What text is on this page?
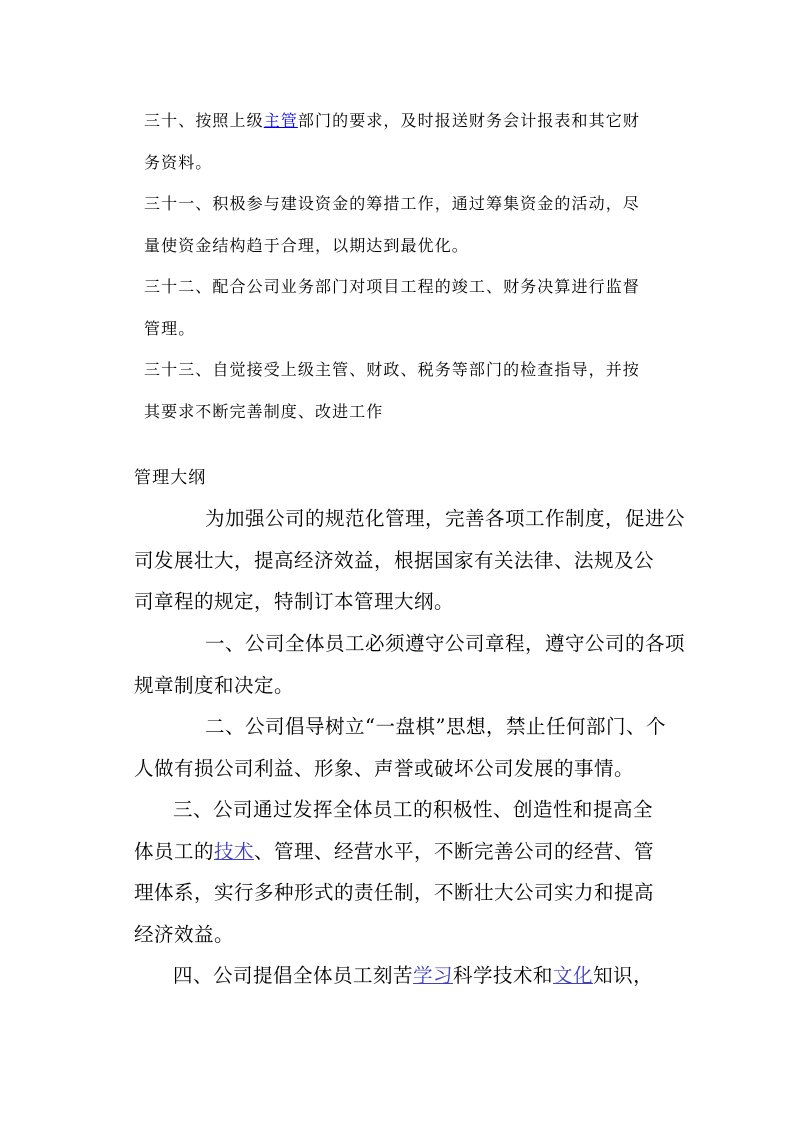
三十、按照上级主管部门的要求，及时报送财务会计报表和其它财

务资料。

三十一、积极参与建设资金的筹措工作，通过筹集资金的活动，尽

量使资金结构趋于合理，以期达到最优化。

三十二、配合公司业务部门对项目工程的竣工、财务决算进行监督

管理。

三十三、自觉接受上级主管、财政、税务等部门的检查指导，并按

其要求不断完善制度、改进工作

管理大纲

为加强公司的规范化管理，完善各项工作制度，促进公

司发展壮大，提高经济效益，根据国家有关法律、法规及公

司章程的规定，特制订本管理大纲。

一、公司全体员工必须遵守公司章程，遵守公司的各项

规章制度和决定。

二、公司倡导树立“一盘棋”思想，禁止任何部门、个

人做有损公司利益、形象、声誉或破坏公司发展的事情。

三、公司通过发挥全体员工的积极性、创造性和提高全

体员工的技术、管理、经营水平，不断完善公司的经营、管

理体系，实行多种形式的责任制，不断壮大公司实力和提高

经济效益。

四、公司提倡全体员工刻苦学习科学技术和文化知识，
